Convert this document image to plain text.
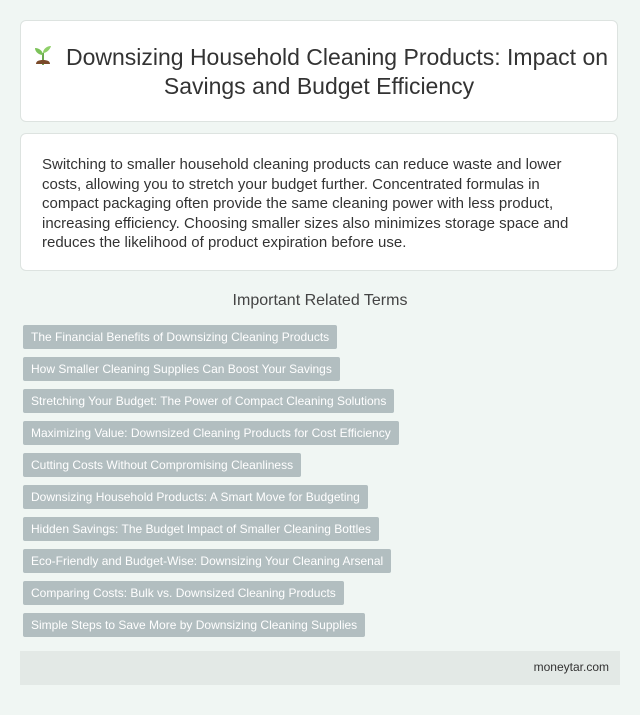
Downsizing Household Cleaning Products: Impact on Savings and Budget Efficiency
Switching to smaller household cleaning products can reduce waste and lower costs, allowing you to stretch your budget further. Concentrated formulas in compact packaging often provide the same cleaning power with less product, increasing efficiency. Choosing smaller sizes also minimizes storage space and reduces the likelihood of product expiration before use.
Important Related Terms
The Financial Benefits of Downsizing Cleaning Products
How Smaller Cleaning Supplies Can Boost Your Savings
Stretching Your Budget: The Power of Compact Cleaning Solutions
Maximizing Value: Downsized Cleaning Products for Cost Efficiency
Cutting Costs Without Compromising Cleanliness
Downsizing Household Products: A Smart Move for Budgeting
Hidden Savings: The Budget Impact of Smaller Cleaning Bottles
Eco-Friendly and Budget-Wise: Downsizing Your Cleaning Arsenal
Comparing Costs: Bulk vs. Downsized Cleaning Products
Simple Steps to Save More by Downsizing Cleaning Supplies
moneytar.com
